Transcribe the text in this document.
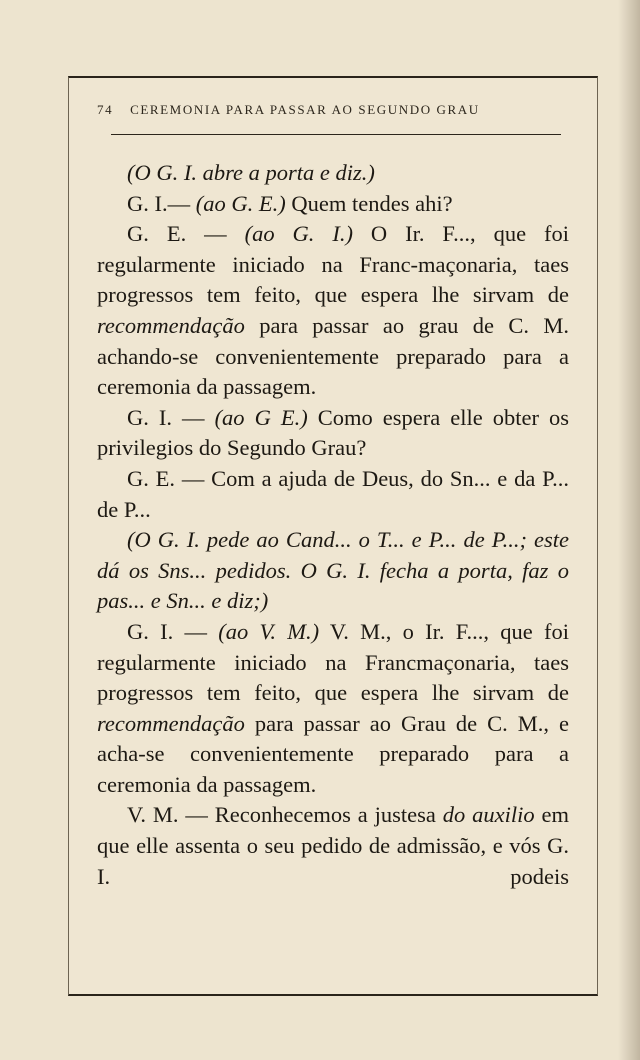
74 CEREMONIA PARA PASSAR AO SEGUNDO GRAU

(O G. I. abre a porta e diz.)

G. I.— (ao G. E.) Quem tendes ahi?

G. E. — (ao G. I.) O Ir. F..., que foi regularmente iniciado na Franc-maçonaria, taes progressos tem feito, que espera lhe sirvam de recommendação para passar ao grau de C. M. achando-se convenientemente preparado para a ceremonia da passagem.

G. I. — (ao G E.) Como espera elle obter os privilegios do Segundo Grau?

G. E. — Com a ajuda de Deus, do Sn... e da P... de P...

(O G. I. pede ao Cand... o T... e P... de P...; este dá os Sns... pedidos. O G. I. fecha a porta, faz o pas... e Sn... e diz;)

G. I. — (ao V. M.) V. M., o Ir. F..., que foi regularmente iniciado na Francmaçonaria, taes progressos tem feito, que espera lhe sirvam de recommendação para passar ao Grau de C. M., e acha-se convenientemente preparado para a ceremonia da passagem.

V. M. — Reconhecemos a justesa do auxilio em que elle assenta o seu pedido de admissão, e vós G. I. podeis
